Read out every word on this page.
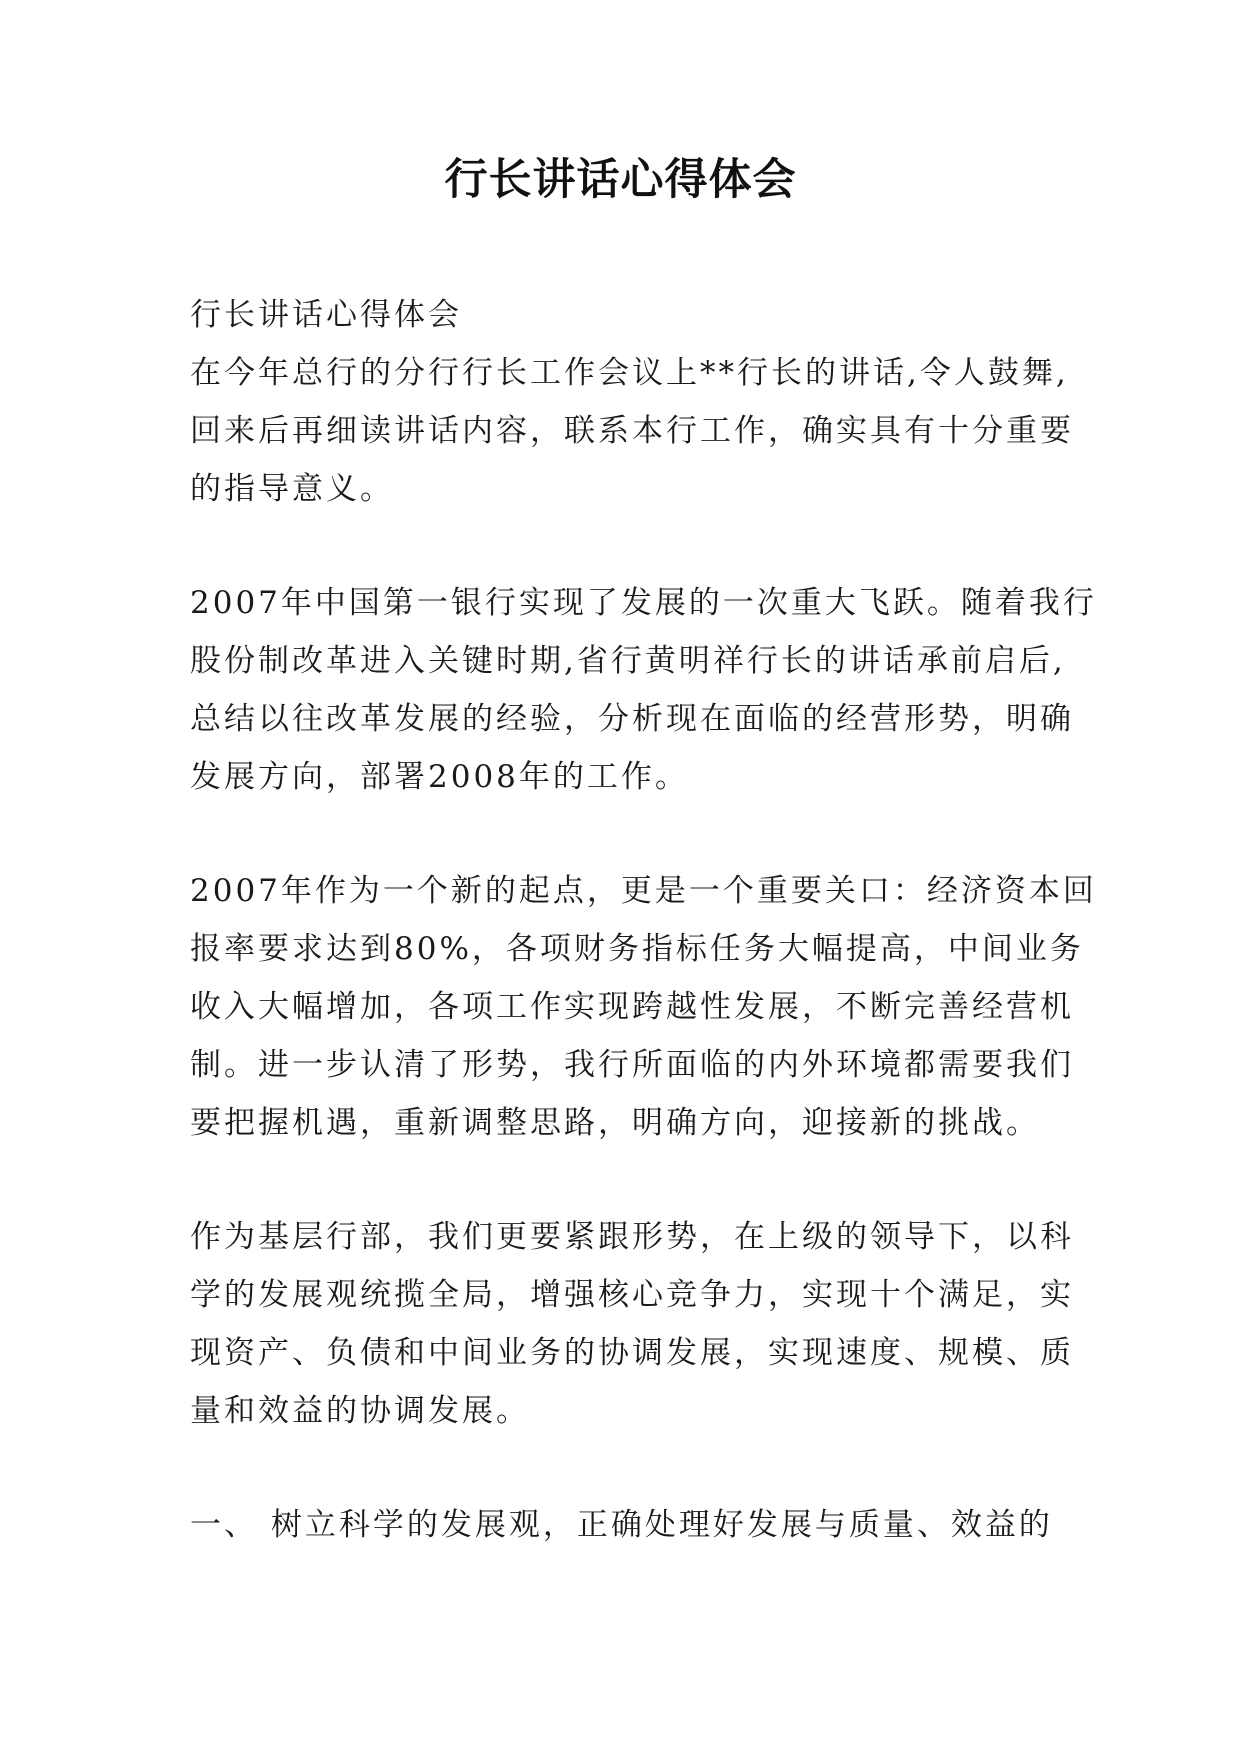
行长讲话心得体会
行长讲话心得体会
在今年总行的分行行长工作会议上**行长的讲话,令人鼓舞,
回来后再细读讲话内容，联系本行工作，确实具有十分重要
的指导意义。
2007年中国第一银行实现了发展的一次重大飞跃。随着我行
股份制改革进入关键时期,省行黄明祥行长的讲话承前启后,
总结以往改革发展的经验，分析现在面临的经营形势，明确
发展方向，部署2008年的工作。
2007年作为一个新的起点，更是一个重要关口：经济资本回
报率要求达到80%，各项财务指标任务大幅提高，中间业务
收入大幅增加，各项工作实现跨越性发展，不断完善经营机
制。进一步认清了形势，我行所面临的内外环境都需要我们
要把握机遇，重新调整思路，明确方向，迎接新的挑战。
作为基层行部，我们更要紧跟形势，在上级的领导下，以科
学的发展观统揽全局，增强核心竞争力，实现十个满足，实
现资产、负债和中间业务的协调发展，实现速度、规模、质
量和效益的协调发展。
一、 树立科学的发展观，正确处理好发展与质量、效益的
